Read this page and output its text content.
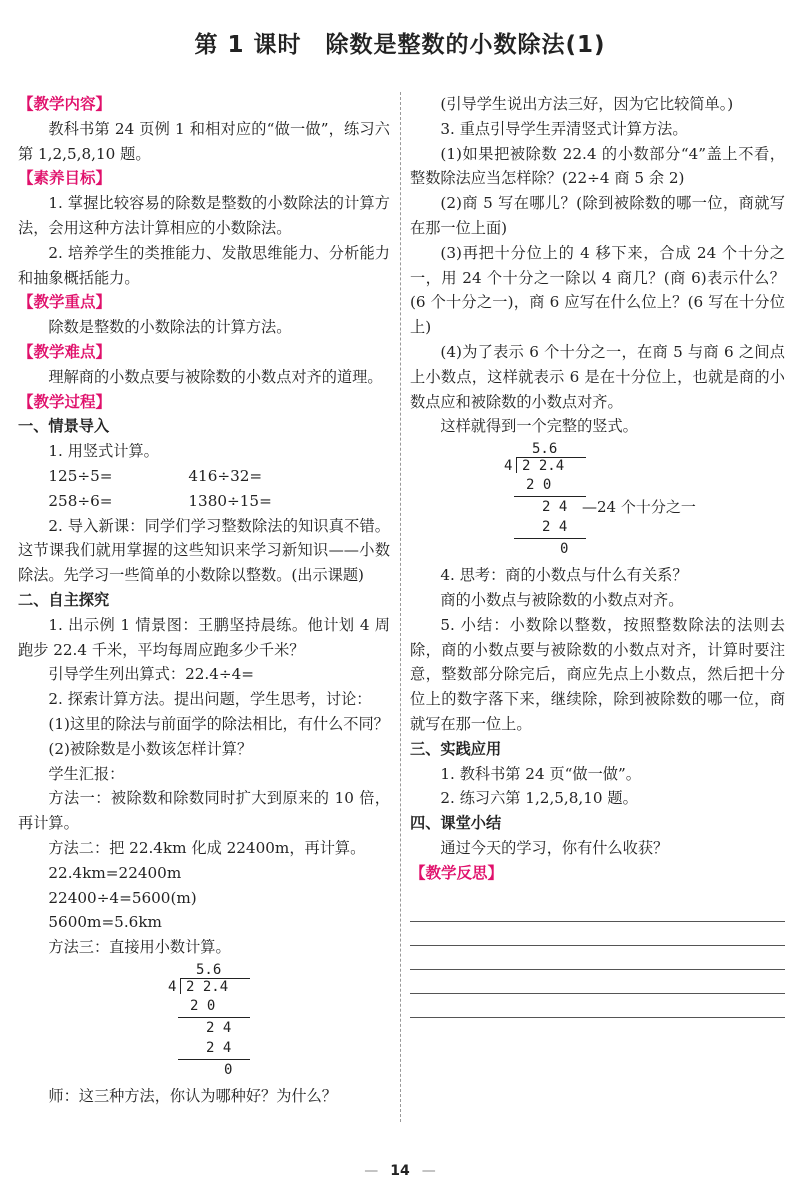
第 1 课时　除数是整数的小数除法(1)
【教学内容】

教科书第 24 页例 1 和相对应的“做一做”，练习六第 1,2,5,8,10 题。

【素养目标】

1. 掌握比较容易的除数是整数的小数除法的计算方法，会用这种方法计算相应的小数除法。

2. 培养学生的类推能力、发散思维能力、分析能力和抽象概括能力。

【教学重点】

除数是整数的小数除法的计算方法。

【教学难点】

理解商的小数点要与被除数的小数点对齐的道理。

【教学过程】

一、情景导入

1. 用竖式计算。

125÷5=	416÷32=
258÷6=	1380÷15=

2. 导入新课：同学们学习整数除法的知识真不错。这节课我们就用掌握的这些知识来学习新知识——小数除法。先学习一些简单的小数除以整数。(出示课题)

二、自主探究

1. 出示例 1 情景图：王鹏坚持晨练。他计划 4 周跑步 22.4 千米，平均每周应跑多少千米？

引导学生列出算式：22.4÷4=

2. 探索计算方法。提出问题，学生思考，讨论：

(1)这里的除法与前面学的除法相比，有什么不同？

(2)被除数是小数该怎样计算？

学生汇报：

方法一：被除数和除数同时扩大到原来的 10 倍，再计算。

方法二：把 22.4km 化成 22400m，再计算。

22.4km=22400m

22400÷4=5600(m)

5600m=5.6km

方法三：直接用小数计算。

5.6
4 2 2.4
2 0
2 4
2 4
0

师：这三种方法，你认为哪种好？为什么？

(引导学生说出方法三好，因为它比较简单。)

3. 重点引导学生弄清竖式计算方法。

(1)如果把被除数 22.4 的小数部分“4”盖上不看，整数除法应当怎样除？(22÷4 商 5 余 2)

(2)商 5 写在哪儿？(除到被除数的哪一位，商就写在那一位上面)

(3)再把十分位上的 4 移下来，合成 24 个十分之一，用 24 个十分之一除以 4 商几？(商 6)表示什么？(6 个十分之一)，商 6 应写在什么位上？(6 写在十分位上)

(4)为了表示 6 个十分之一，在商 5 与商 6 之间点上小数点，这样就表示 6 是在十分位上，也就是商的小数点应和被除数的小数点对齐。

这样就得到一个完整的竖式。

5.6
4 2 2.4
2 0
2 4 —24 个十分之一
2 4
0

4. 思考：商的小数点与什么有关系？

商的小数点与被除数的小数点对齐。

5. 小结：小数除以整数，按照整数除法的法则去除，商的小数点要与被除数的小数点对齐，计算时要注意，整数部分除完后，商应先点上小数点，然后把十分位上的数字落下来，继续除，除到被除数的哪一位，商就写在那一位上。

三、实践应用

1. 教科书第 24 页“做一做”。

2. 练习六第 1,2,5,8,10 题。

四、课堂小结

通过今天的学习，你有什么收获？

【教学反思】
— 14 —
